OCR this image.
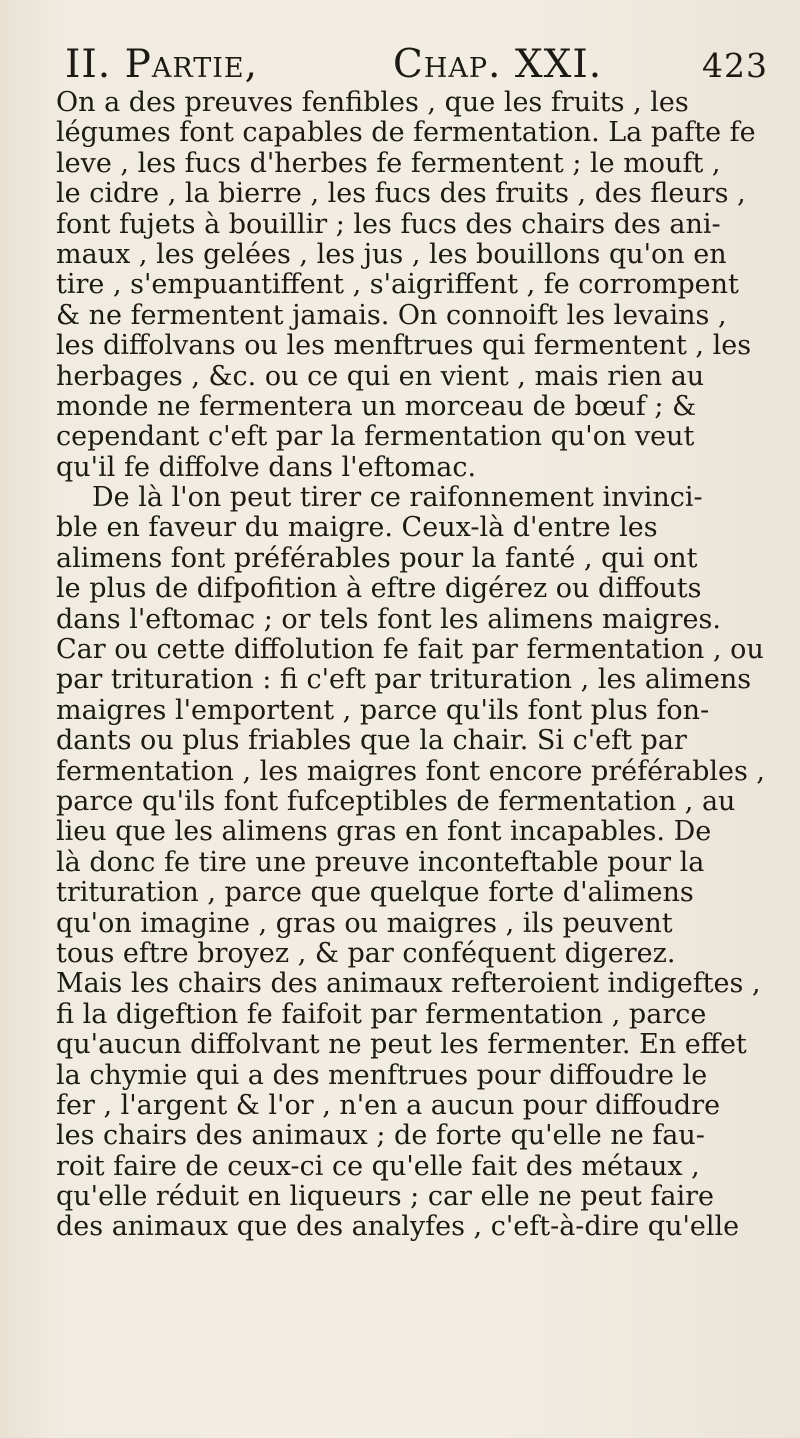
II. Partie,	Chap. XXI.	423
On a des preuves fenfibles , que les fruits , les
légumes font capables de fermentation. La pafte fe
leve , les fucs d'herbes fe fermentent ; le mouft ,
le cidre , la bierre , les fucs des fruits , des fleurs ,
font fujets à bouillir ; les fucs des chairs des ani-
maux , les gelées , les jus , les bouillons qu'on en
tire , s'empuantiffent , s'aigriffent , fe corrompent
& ne fermentent jamais. On connoift les levains ,
les diffolvans ou les menftrues qui fermentent , les
herbages , &c. ou ce qui en vient , mais rien au
monde ne fermentera un morceau de bœuf ; &
cependant c'eft par la fermentation qu'on veut
qu'il fe diffolve dans l'eftomac.
De là l'on peut tirer ce raifonnement invinci-
ble en faveur du maigre. Ceux-là d'entre les
alimens font préférables pour la fanté , qui ont
le plus de difpofition à eftre digérez ou diffouts
dans l'eftomac ; or tels font les alimens maigres.
Car ou cette diffolution fe fait par fermentation , ou
par trituration : fi c'eft par trituration , les alimens
maigres l'emportent , parce qu'ils font plus fon-
dants ou plus friables que la chair. Si c'eft par
fermentation , les maigres font encore préférables ,
parce qu'ils font fufceptibles de fermentation , au
lieu que les alimens gras en font incapables. De
là donc fe tire une preuve inconteftable pour la
trituration , parce que quelque forte d'alimens
qu'on imagine , gras ou maigres , ils peuvent
tous eftre broyez , & par conféquent digerez.
Mais les chairs des animaux refteroient indigeftes ,
fi la digeftion fe faifoit par fermentation , parce
qu'aucun diffolvant ne peut les fermenter. En effet
la chymie qui a des menftrues pour diffoudre le
fer , l'argent & l'or , n'en a aucun pour diffoudre
les chairs des animaux ; de forte qu'elle ne fau-
roit faire de ceux-ci ce qu'elle fait des métaux ,
qu'elle réduit en liqueurs ; car elle ne peut faire
des animaux que des analyfes , c'eft-à-dire qu'elle
